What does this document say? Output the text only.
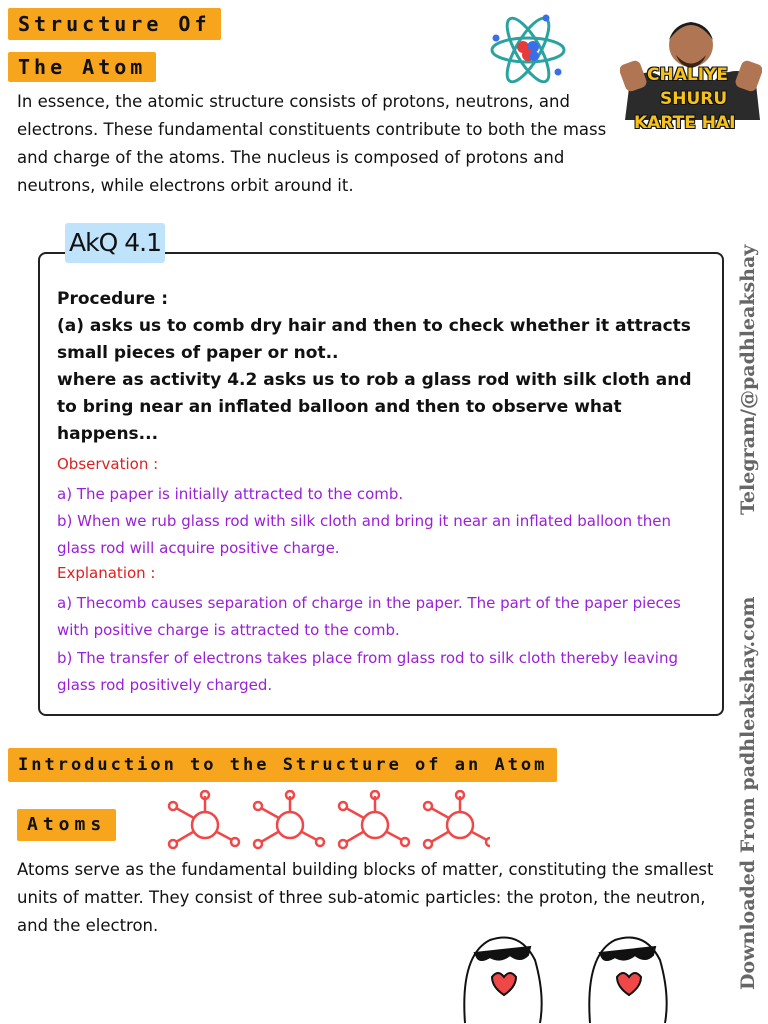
Structure Of
The Atom	CHALIYE
SHURU
KARTE HAI
In essence, the atomic structure consists of protons, neutrons, and electrons. These fundamental constituents contribute to both the mass and charge of the atoms. The nucleus is composed of protons and neutrons, while electrons orbit around it.
AkQ 4.1
Procedure :
(a) asks us to comb dry hair and then to check whether it attracts small pieces of paper or not..
where as activity 4.2 asks us to rob a glass rod with silk cloth and to bring near an inflated balloon and then to observe what happens...
Observation :
a) The paper is initially attracted to the comb.
b) When we rub glass rod with silk cloth and bring it near an inflated balloon then glass rod will acquire positive charge.
Explanation :
a) Thecomb causes separation of charge in the paper. The part of the paper pieces with positive charge is attracted to the comb.
b) The transfer of electrons takes place from glass rod to silk cloth thereby leaving glass rod positively charged.
Introduction to the Structure of an Atom
Atoms
Atoms serve as the fundamental building blocks of matter, constituting the smallest units of matter. They consist of three sub-atomic particles: the proton, the neutron, and the electron.
Telegram/@padhleakshay
Downloaded From padhleakshay.com
